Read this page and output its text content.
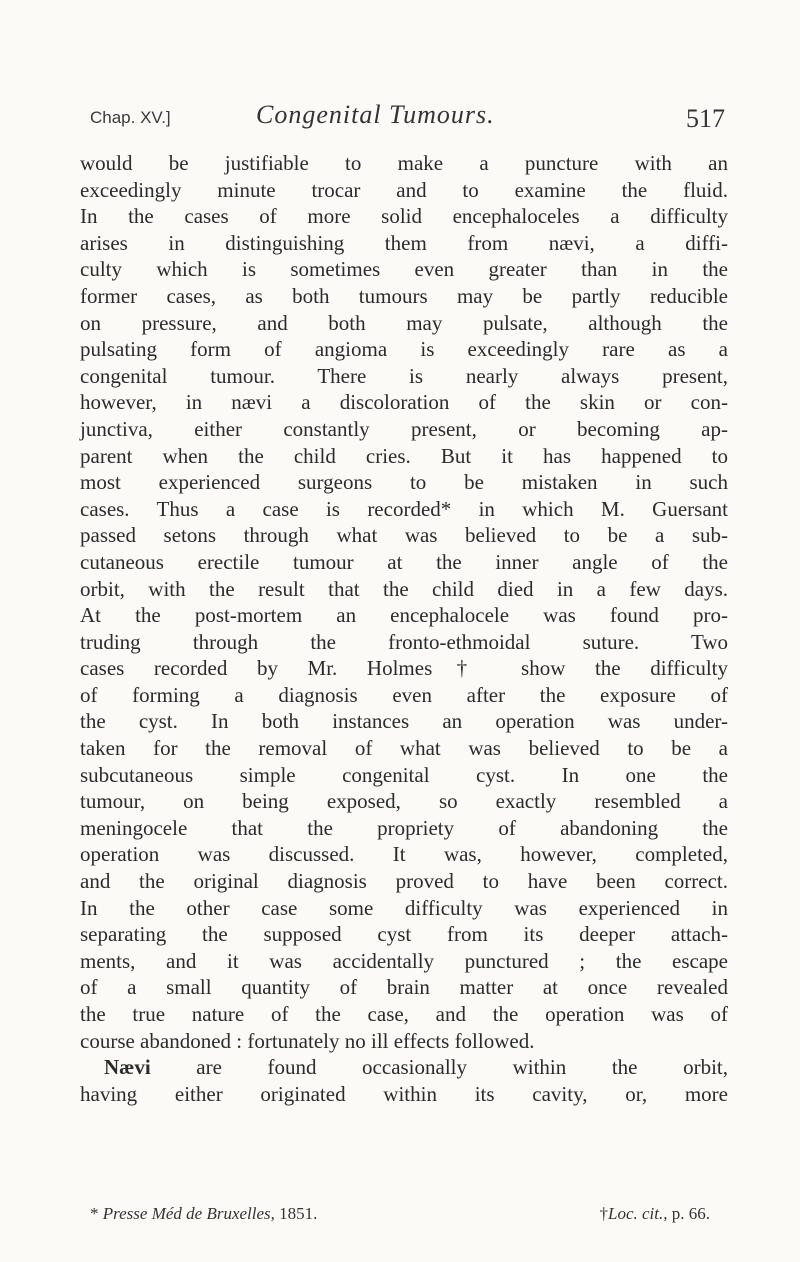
Chap. XV.]	Congenital Tumours.	517
would be justifiable to make a puncture with an
exceedingly minute trocar and to examine the fluid.
In the cases of more solid encephaloceles a difficulty
arises in distinguishing them from nævi, a diffi-
culty which is sometimes even greater than in the
former cases, as both tumours may be partly reducible
on pressure, and both may pulsate, although the
pulsating form of angioma is exceedingly rare as a
congenital tumour. There is nearly always present,
however, in nævi a discoloration of the skin or con-
junctiva, either constantly present, or becoming ap-
parent when the child cries. But it has happened to
most experienced surgeons to be mistaken in such
cases. Thus a case is recorded* in which M. Guersant
passed setons through what was believed to be a sub-
cutaneous erectile tumour at the inner angle of the
orbit, with the result that the child died in a few days.
At the post-mortem an encephalocele was found pro-
truding through the fronto-ethmoidal suture. Two
cases recorded by Mr. Holmes† show the difficulty
of forming a diagnosis even after the exposure of
the cyst. In both instances an operation was under-
taken for the removal of what was believed to be a
subcutaneous simple congenital cyst. In one the
tumour, on being exposed, so exactly resembled a
meningocele that the propriety of abandoning the
operation was discussed. It was, however, completed,
and the original diagnosis proved to have been correct.
In the other case some difficulty was experienced in
separating the supposed cyst from its deeper attach-
ments, and it was accidentally punctured ; the escape
of a small quantity of brain matter at once revealed
the true nature of the case, and the operation was of
course abandoned : fortunately no ill effects followed.
Nævi are found occasionally within the orbit,
having either originated within its cavity, or, more
* Presse Méd de Bruxelles, 1851.	†Loc. cit., p. 66.
